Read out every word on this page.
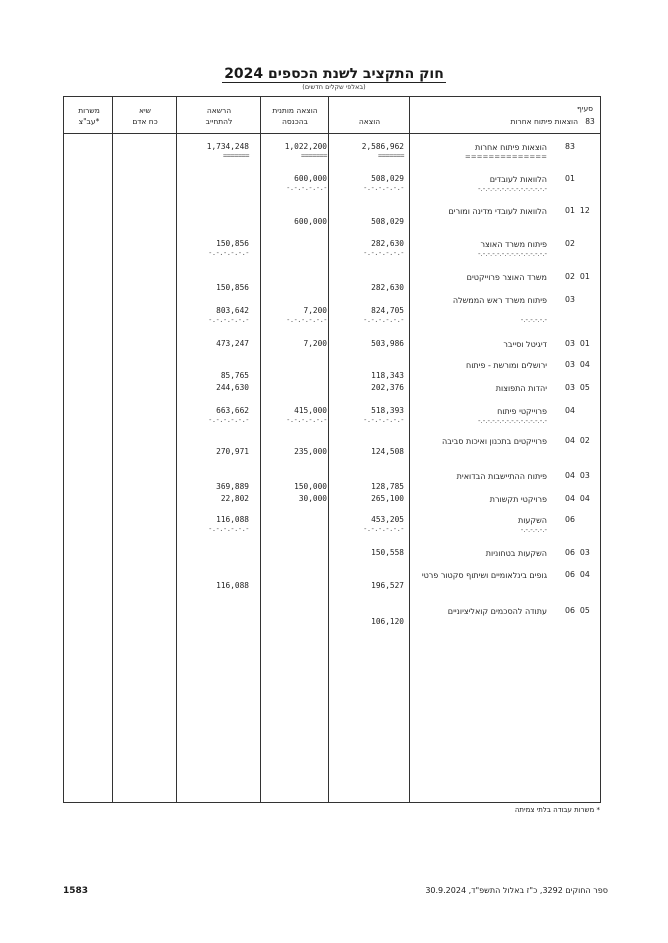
חוק התקציב לשנת הכספים 2024
(באלפי שקלים חדשים)
משרות
עב"צ*
שיא
כח אדם
הרשאה
להתחייב
הוצאה מותנית
בהכנסה	הוצאה
סעיף
83
הוצאות פיתוח אחרות
83
הוצאות פיתוח אחרות
==============
2,586,962
1,022,200
1,734,248
=======
=======
=======
01
הלוואות לעובדים
-.-.-.-.-.-.-.-.-.-.-.-.-.-.-
508,029
600,000
-.-.-.-.-.-
-.-.-.-.-.-
01  12
הלוואות לעובדי מדינה ומורים
508,029
600,000
02
פיתוח משרד האוצר
-.-.-.-.-.-.-.-.-.-.-.-.-.-.-
282,630
150,856
-.-.-.-.-.-
-.-.-.-.-.-
02  01
משרד האוצר פרוייקטים
282,630
150,856
03
פיתוח משרד ראש הממשלה
-.-.-.-.-.-
824,705
7,200
803,642
-.-.-.-.-.-
-.-.-.-.-.-
-.-.-.-.-.-
03  01
דיגיטל וסייבר
503,986
7,200
473,247
03  04
ירושלים ומורשת - פיתוח
118,343
85,765
03  05
יהדות התפוצות
202,376
244,630
04
פרוייקטי פיתוח
-.-.-.-.-.-.-.-.-.-.-.-.-.-.-
518,393
415,000
663,662
-.-.-.-.-.-
-.-.-.-.-.-
-.-.-.-.-.-
04  02
פרוייקטים בתכנון ואיכות סביבה
124,508
235,000
270,971
04  03
פיתוח ההתיישבות הבדואית
128,785
150,000
369,889
04  04
פרויקטי תקשורת
265,100
30,000
22,802
06
השקעות
-.-.-.-.-.-
453,205
116,088
-.-.-.-.-.-
-.-.-.-.-.-
06  03
השקעות בטחוניות
150,558
06  04
גופים בינלאומיים ושיתוף סקטור פרטי
196,527
116,088
06  05
עתודה להסכמים קואליציוניים
106,120
* משרות עבודה בלתי צמיתה
1583	ספר החוקים 3292, כ"ז באלול התשפ"ד, 30.9.2024
